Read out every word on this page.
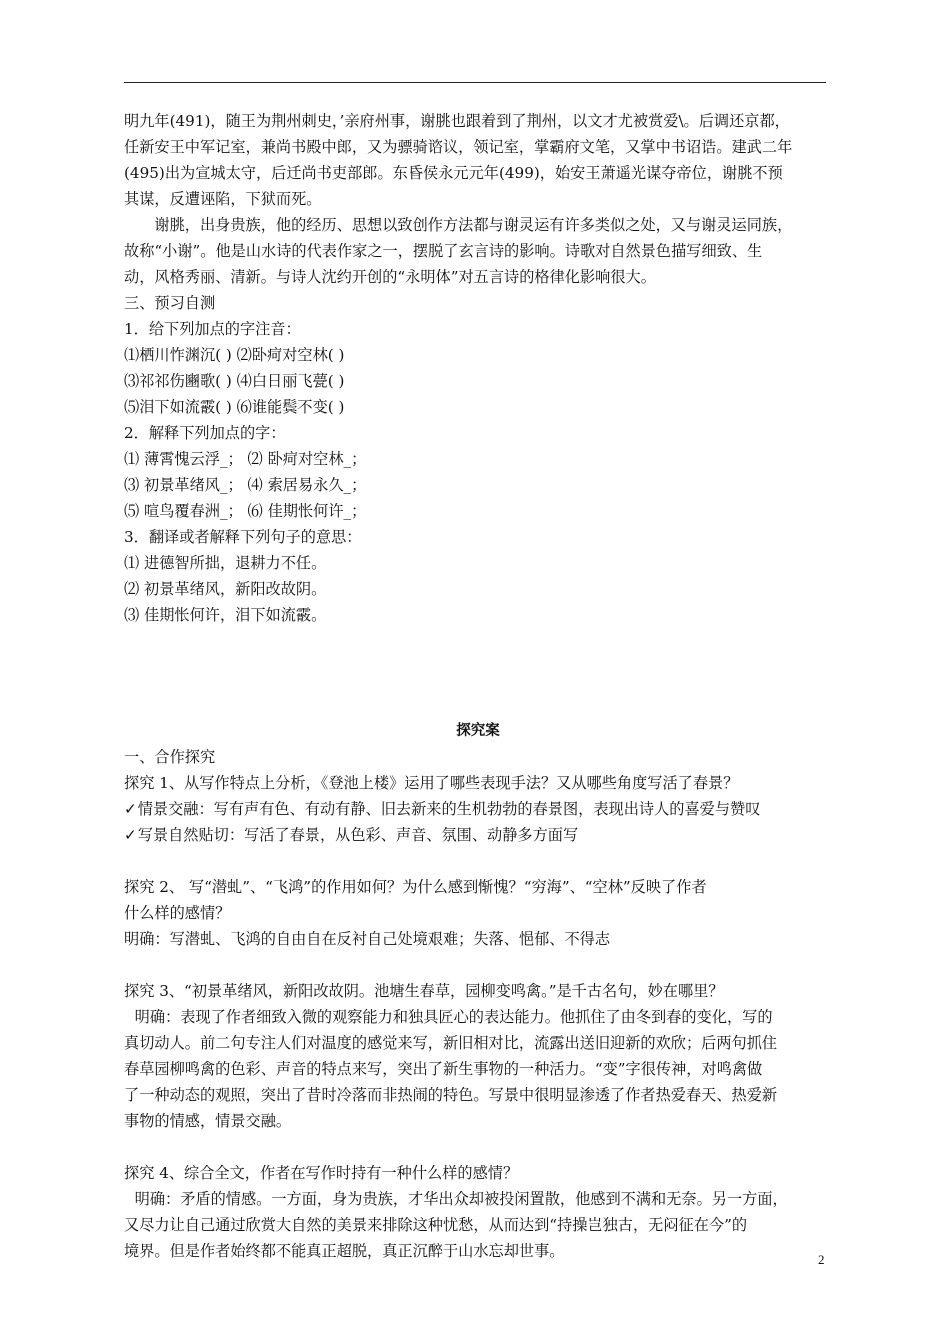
明九年(491)，随王为荆州刺史，’亲府州事，谢朓也跟着到了荆州，以文才尤被赏爱\。后调还京都，

任新安王中军记室，兼尚书殿中郎，又为骠骑谘议，领记室，掌霸府文笔，又掌中书诏诰。建武二年

(495)出为宣城太守，后迁尚书吏部郎。东昏侯永元元年(499)，始安王萧遥光谋夺帝位，谢朓不预

其谋，反遭诬陷，下狱而死。

谢朓，出身贵族，他的经历、思想以致创作方法都与谢灵运有许多类似之处，又与谢灵运同族，

故称“小谢”。他是山水诗的代表作家之一，摆脱了玄言诗的影响。诗歌对自然景色描写细致、生

动，风格秀丽、清新。与诗人沈约开创的“永明体”对五言诗的格律化影响很大。

三、预习自测

1．给下列加点的字注音：

⑴栖川怍渊沉( ) ⑵卧疴对空林( )

⑶祁祁伤豳歌( ) ⑷白日丽飞甍( )

⑸泪下如流霰( ) ⑹谁能鬓不变( )

2．解释下列加点的字：

⑴ 薄霄愧云浮_； ⑵ 卧疴对空林_；

⑶ 初景革绪风_； ⑷ 索居易永久_；

⑸ 喧鸟覆春洲_； ⑹ 佳期怅何许_；

3．翻译或者解释下列句子的意思：

⑴ 进德智所拙，退耕力不任。

⑵ 初景革绪风，新阳改故阴。

⑶ 佳期怅何许，泪下如流霰。

探究案

一、合作探究

探究 1、从写作特点上分析，《登池上楼》运用了哪些表现手法？又从哪些角度写活了春景？

✓情景交融：写有声有色、有动有静、旧去新来的生机勃勃的春景图，表现出诗人的喜爱与赞叹

✓写景自然贴切：写活了春景，从色彩、声音、氛围、动静多方面写

探究 2、 写“潜虬”、“飞鸿”的作用如何？为什么感到惭愧？“穷海”、“空林”反映了作者

什么样的感情？

明确：写潜虬、飞鸿的自由自在反衬自己处境艰难；失落、悒郁、不得志

探究 3、“初景革绪风，新阳改故阴。池塘生春草，园柳变鸣禽。”是千古名句，妙在哪里？

明确：表现了作者细致入微的观察能力和独具匠心的表达能力。他抓住了由冬到春的变化，写的

真切动人。前二句专注人们对温度的感觉来写，新旧相对比，流露出送旧迎新的欢欣；后两句抓住

春草园柳鸣禽的色彩、声音的特点来写，突出了新生事物的一种活力。“变”字很传神，对鸣禽做

了一种动态的观照，突出了昔时冷落而非热闹的特色。写景中很明显渗透了作者热爱春天、热爱新

事物的情感，情景交融。

探究 4、综合全文，作者在写作时持有一种什么样的感情？

明确：矛盾的情感。一方面，身为贵族，才华出众却被投闲置散，他感到不满和无奈。另一方面，

又尽力让自己通过欣赏大自然的美景来排除这种忧愁，从而达到“持操岂独古，无闷征在今”的

境界。但是作者始终都不能真正超脱，真正沉醉于山水忘却世事。	2
